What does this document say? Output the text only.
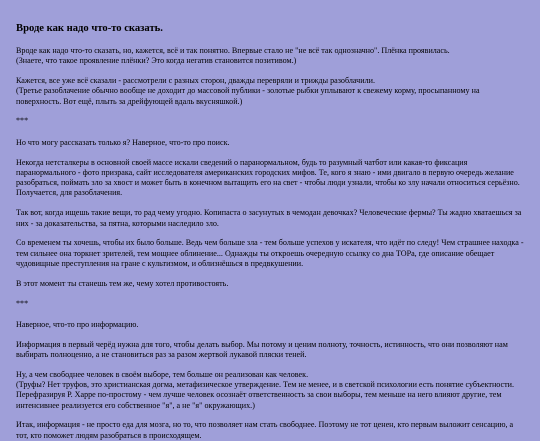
Вроде как надо что-то сказать.

Вроде как надо что-то сказать, но, кажется, всё и так понятно. Впервые стало не "не всё так однозначно". Плёнка проявилась.
(Знаете, что такое проявление плёнки? Это когда негатив становится позитивом.)

Кажется, все уже всё сказали - рассмотрели с разных сторон, дважды перевряли и трижды разоблачили.
(Третье разоблачение обычно вообще не доходит до массовой публики - золотые рыбки уплывают к свежему корму, просыпанному на поверхность. Вот ещё, плыть за дрейфующей вдаль вкусняшкой.)

***

Но что могу рассказать только я? Наверное, что-то про поиск.

Некогда нетсталкеры в основной своей массе искали сведений о паранормальном, будь то разумный чатбот или какая-то фиксация паранормального - фото призрака, сайт исследователя американских городских мифов. Те, кого я знаю - ими двигало в первую очередь желание разобраться, поймать зло за хвост и может быть в конечном вытащить его на свет - чтобы люди узнали, чтобы ко злу начали относиться серьёзно. Получается, для разоблачения.

Так вот, когда ищешь такие вещи, то рад чему угодно. Копипаста о засунутых в чемодан девочках? Человеческие фермы? Ты жадно хватаешься за них - за доказательства, за пятна, которыми наследило зло.

Со временем ты хочешь, чтобы их было больше. Ведь чем больше зла - тем больше успехов у искателя, что идёт по следу! Чем страшнее находка - тем сильнее она торкнет зрителей, тем мощнее облинение... Однажды ты откроешь очередную ссылку со дна ТОРа, где описание обещает чудовищные преступления на гране с культизмом, и облизнёшься в предвкушении.

В этот момент ты станешь тем же, чему хотел противостоять.

***

Наверное, что-то про информацию.

Информация в первый черёд нужна для того, чтобы делать выбор. Мы потому и ценим полноту, точность, истинность, что они позволяют нам выбирать полноценно, а не становиться раз за разом жертвой лукавой пляски теней.

Ну, а чем свободнее человек в своём выборе, тем больше он реализован как человек.
(Труфы? Нет труфов, это христианская догма, метафизическое утверждение. Тем не менее, и в светской психологии есть понятие субъектности. Перефразируя Р. Харре по-простому - чем лучше человек осознаёт ответственность за свои выборы, тем меньше на него влияют другие, тем интенсивнее реализуется его собственное "я", а не "я" окружающих.)

Итак, информация - не просто еда для мозга, но то, что позволяет нам стать свободнее. Поэтому не тот ценен, кто первым выложит сенсацию, а тот, кто поможет людям разобраться в происходящем.
